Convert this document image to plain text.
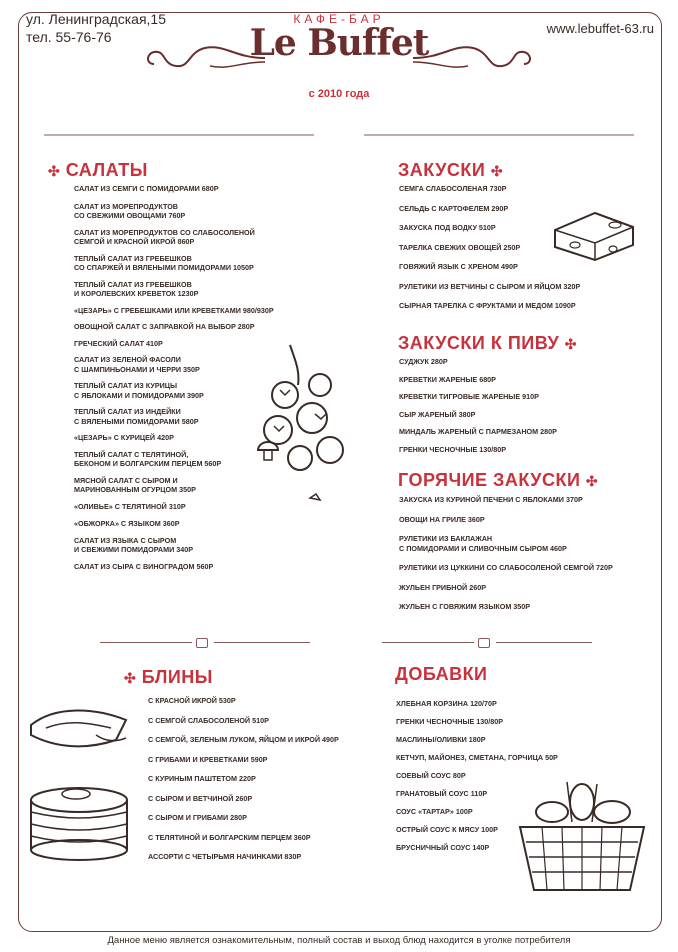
ул. Ленинградская,15
тел. 55-76-76
www.lebuffet-63.ru
КАФЕ-БАР
Le Buffet
с 2010 года
✣ САЛАТЫ
САЛАТ ИЗ СЕМГИ С ПОМИДОРАМИ 680Р
САЛАТ ИЗ МОРЕПРОДУКТОВ
СО СВЕЖИМИ ОВОЩАМИ 760Р
САЛАТ ИЗ МОРЕПРОДУКТОВ СО СЛАБОСОЛЕНОЙ
СЕМГОЙ И КРАСНОЙ ИКРОЙ 860Р
ТЕПЛЫЙ САЛАТ ИЗ ГРЕБЕШКОВ
СО СПАРЖЕЙ И ВЯЛЕНЫМИ ПОМИДОРАМИ 1050Р
ТЕПЛЫЙ САЛАТ ИЗ ГРЕБЕШКОВ
И КОРОЛЕВСКИХ КРЕВЕТОК 1230Р
«ЦЕЗАРЬ» С ГРЕБЕШКАМИ ИЛИ КРЕВЕТКАМИ 980/930Р
ОВОЩНОЙ САЛАТ С ЗАПРАВКОЙ НА ВЫБОР 280Р
ГРЕЧЕСКИЙ САЛАТ 410Р
САЛАТ ИЗ ЗЕЛЕНОЙ ФАСОЛИ
С ШАМПИНЬОНАМИ И ЧЕРРИ 350Р
ТЕПЛЫЙ САЛАТ ИЗ КУРИЦЫ
С ЯБЛОКАМИ И ПОМИДОРАМИ 390Р
ТЕПЛЫЙ САЛАТ ИЗ ИНДЕЙКИ
С ВЯЛЕНЫМИ ПОМИДОРАМИ 580Р
«ЦЕЗАРЬ» С КУРИЦЕЙ 420Р
ТЕПЛЫЙ САЛАТ С ТЕЛЯТИНОЙ,
БЕКОНОМ И БОЛГАРСКИМ ПЕРЦЕМ 560Р
МЯСНОЙ САЛАТ С СЫРОМ И
МАРИНОВАННЫМ ОГУРЦОМ 350Р
«ОЛИВЬЕ» С ТЕЛЯТИНОЙ 310Р
«ОБЖОРКА» С ЯЗЫКОМ 360Р
САЛАТ ИЗ ЯЗЫКА С СЫРОМ
И СВЕЖИМИ ПОМИДОРАМИ 340Р
САЛАТ ИЗ СЫРА С ВИНОГРАДОМ 560Р
ЗАКУСКИ ✣
СЕМГА СЛАБОСОЛЕНАЯ 730Р
СЕЛЬДЬ С КАРТОФЕЛЕМ 290Р
ЗАКУСКА ПОД ВОДКУ 510Р
ТАРЕЛКА СВЕЖИХ ОВОЩЕЙ 250Р
ГОВЯЖИЙ ЯЗЫК С ХРЕНОМ 490Р
РУЛЕТИКИ ИЗ ВЕТЧИНЫ С СЫРОМ И ЯЙЦОМ 320Р
СЫРНАЯ ТАРЕЛКА С ФРУКТАМИ И МЕДОМ 1090Р
ЗАКУСКИ К ПИВУ ✣
СУДЖУК 280Р
КРЕВЕТКИ ЖАРЕНЫЕ 680Р
КРЕВЕТКИ ТИГРОВЫЕ ЖАРЕНЫЕ 910Р
СЫР ЖАРЕНЫЙ 380Р
МИНДАЛЬ ЖАРЕНЫЙ С ПАРМЕЗАНОМ 280Р
ГРЕНКИ ЧЕСНОЧНЫЕ 130/80Р
ГОРЯЧИЕ ЗАКУСКИ ✣
ЗАКУСКА ИЗ КУРИНОЙ ПЕЧЕНИ С ЯБЛОКАМИ 370Р
ОВОЩИ НА ГРИЛЕ 360Р
РУЛЕТИКИ ИЗ БАКЛАЖАН
С ПОМИДОРАМИ И СЛИВОЧНЫМ СЫРОМ 460Р
РУЛЕТИКИ ИЗ ЦУККИНИ СО СЛАБОСОЛЕНОЙ СЕМГОЙ 720Р
ЖУЛЬЕН ГРИБНОЙ 260Р
ЖУЛЬЕН С ГОВЯЖИМ ЯЗЫКОМ 350Р
✣ БЛИНЫ
С КРАСНОЙ ИКРОЙ 530Р
С СЕМГОЙ СЛАБОСОЛЕНОЙ 510Р
С СЕМГОЙ, ЗЕЛЕНЫМ ЛУКОМ, ЯЙЦОМ И ИКРОЙ 490Р
С ГРИБАМИ И КРЕВЕТКАМИ 590Р
С КУРИНЫМ ПАШТЕТОМ 220Р
С СЫРОМ И ВЕТЧИНОЙ 260Р
С СЫРОМ И ГРИБАМИ 280Р
С ТЕЛЯТИНОЙ И БОЛГАРСКИМ ПЕРЦЕМ 360Р
АССОРТИ С ЧЕТЫРЬМЯ НАЧИНКАМИ 830Р
ДОБАВКИ
ХЛЕБНАЯ КОРЗИНА 120/70Р
ГРЕНКИ ЧЕСНОЧНЫЕ 130/80Р
МАСЛИНЫ/ОЛИВКИ 180Р
КЕТЧУП, МАЙОНЕЗ, СМЕТАНА, ГОРЧИЦА 50Р
СОЕВЫЙ СОУС 80Р
ГРАНАТОВЫЙ СОУС 110Р
СОУС «ТАРТАР» 100Р
ОСТРЫЙ СОУС К МЯСУ 100Р
БРУСНИЧНЫЙ СОУС 140Р
Данное меню является ознакомительным, полный состав и выход блюд находится в уголке потребителя
